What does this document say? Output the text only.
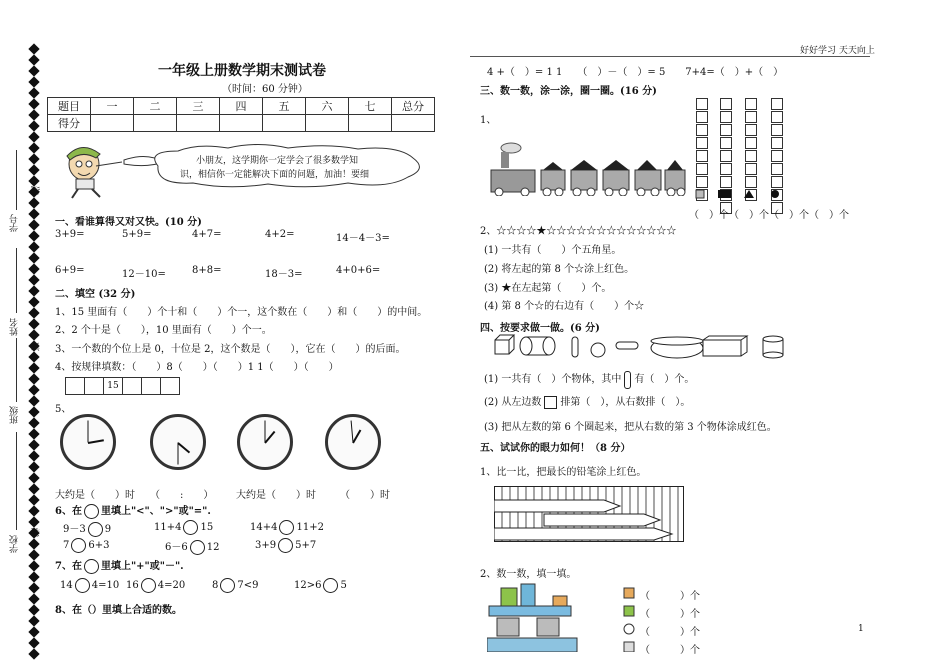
好好学习 天天向上
1
学号
姓名
班级
学校
线
订
装
一年级上册数学期末测试卷
（时间：60 分钟）
题目	一	二	三	四	五	六	七	总分
得分								
小朋友，这学期你一定学会了很多数学知
识，相信你一定能解决下面的问题，加油！要细
一、看谁算得又对又快。(10 分)
3+9=	5+9=	4+7=	4+2=	14－4－3=
6+9=	12－10=	8+8=	18－3=	4+0+6=
二、填空 (32 分)
1、15 里面有（　　）个十和（　　）个一，这个数在（　　）和（　　）的中间。
2、2 个十是（　　），10 里面有（　　）个一。
3、一个数的个位上是 0，十位是 2，这个数是（　　），它在（　　）的后面。
4、按规律填数：（　　）8（　　）（　　）1 1（　　）（　　）
15
5、
大约是（　　）时 （　　:　　） 大约是（　　）时 （　　）时
6、在 里填上"<"、">"或"=".
9－3 9	11+4 15	14+4 11+2
7 6+3	6－6 12	3+9 5+7
7、在 里填上"+"或"－".
14 4=10 16 4=20	8 7<9	12>6 5
8、在（）里填上合适的数。
4 +（　）= 1 1　　（　）－（　）= 5　　7+4=（　）+（　）
三、数一数，涂一涂，圈一圈。(16 分)
1、
（　）个（　）个（　）个（　）个
2、☆☆☆☆★☆☆☆☆☆☆☆☆☆☆☆☆☆
(1) 一共有（　　）个五角星。
(2) 将左起的第 8 个☆涂上红色。
(3) ★在左起第（　　）个。
(4) 第 8 个☆的右边有（　　）个☆
四、按要求做一做。(6 分)
(1) 一共有（　）个物体，其中 有（　）个。
(2) 从左边数 排第（　），从右数排（　）。
(3) 把从左数的第 6 个圈起来，把从右数的第 3 个物体涂成红色。
五、试试你的眼力如何！（8 分）
1、比一比，把最长的铅笔涂上红色。
2、数一数，填一填。
（　　　）个
（　　　）个
（　　　）个
（　　　）个
